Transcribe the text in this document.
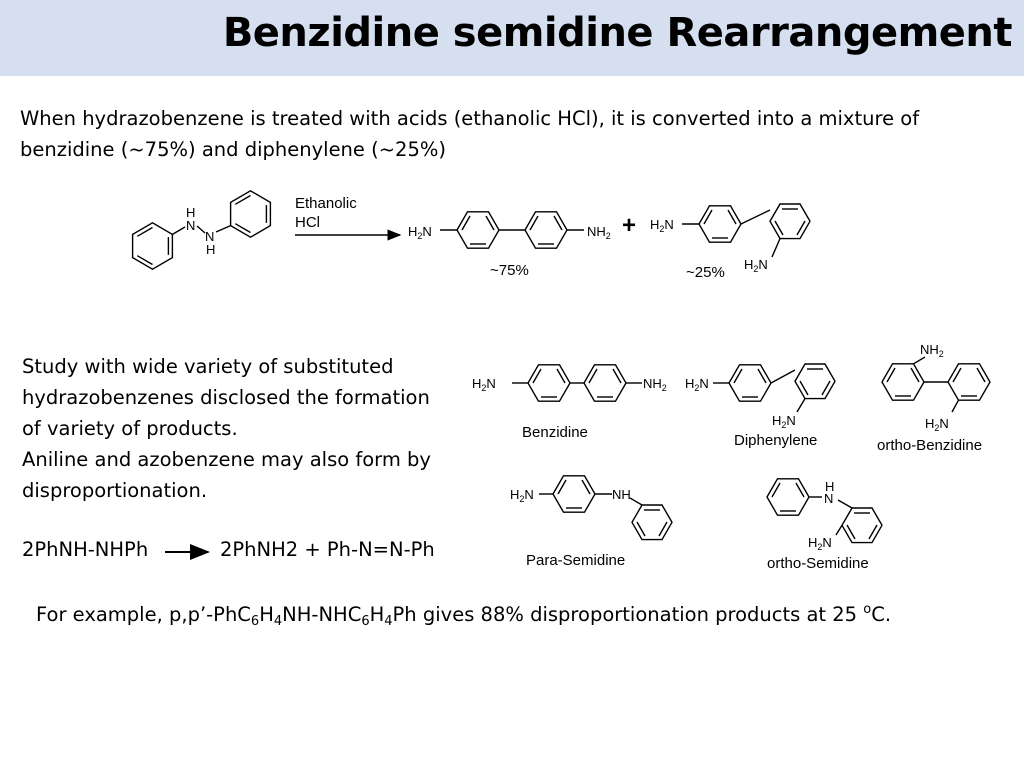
Benzidine semidine Rearrangement
When hydrazobenzene is treated with acids (ethanolic HCl), it is converted into a mixture of benzidine (~75%) and diphenylene (~25%)
Study with wide variety of substituted
hydrazobenzenes disclosed the formation
of variety of products.
Aniline and azobenzene may also form by
disproportionation.
2PhNH-NHPh	2PhNH2 + Ph-N=N-Ph
For example, $p,p’-PhC_6H_4NH-NHC_6H_4Ph$ gives 88% disproportionation products at 25 $^o$C.
H
N
N
H
Ethanolic
HCl
$H_2N$	$NH_2$
~75%
+ $H_2N$
$H_2N$
~25%
$H_2N$	$NH_2$
Benzidine
$H_2N$
$H_2N$
Diphenylene
$NH_2$
$H_2N$
ortho-Benzidine
$H_2N$	NH
Para-Semidine
H
N
$H_2N$
ortho-Semidine
